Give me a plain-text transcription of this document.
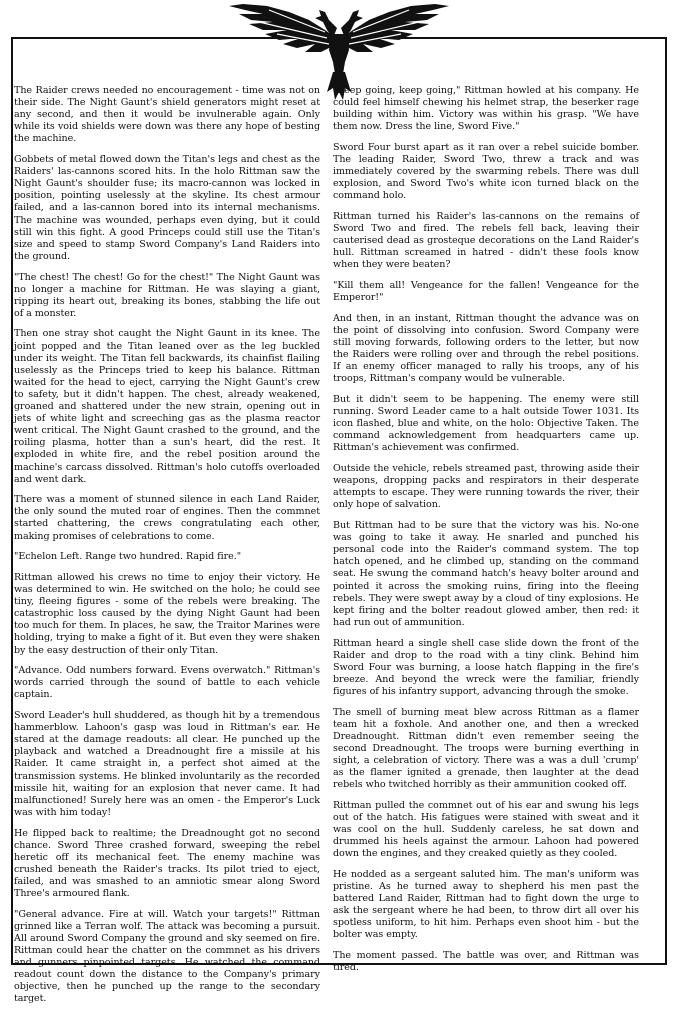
The Raider crews needed no encouragement - time was not on their side. The Night Gaunt's shield generators might reset at any second, and then it would be invulnerable again. Only while its void shields were down was there any hope of besting the machine.

Gobbets of metal flowed down the Titan's legs and chest as the Raiders' las-cannons scored hits. In the holo Rittman saw the Night Gaunt's shoulder fuse; its macro-cannon was locked in position, pointing uselessly at the skyline. Its chest armour failed, and a las-cannon bored into its internal mechanisms. The machine was wounded, perhaps even dying, but it could still win this fight. A good Princeps could still use the Titan's size and speed to stamp Sword Company's Land Raiders into the ground.

"The chest! The chest! Go for the chest!" The Night Gaunt was no longer a machine for Rittman. He was slaying a giant, ripping its heart out, breaking its bones, stabbing the life out of a monster.

Then one stray shot caught the Night Gaunt in its knee. The joint popped and the Titan leaned over as the leg buckled under its weight. The Titan fell backwards, its chainfist flailing uselessly as the Princeps tried to keep his balance. Rittman waited for the head to eject, carrying the Night Gaunt's crew to safety, but it didn't happen. The chest, already weakened, groaned and shattered under the new strain, opening out in jets of white light and screeching gas as the plasma reactor went critical. The Night Gaunt crashed to the ground, and the roiling plasma, hotter than a sun's heart, did the rest. It exploded in white fire, and the rebel position around the machine's carcass dissolved. Rittman's holo cutoffs overloaded and went dark.

There was a moment of stunned silence in each Land Raider, the only sound the muted roar of engines. Then the commnet started chattering, the crews congratulating each other, making promises of celebrations to come.

"Echelon Left. Range two hundred. Rapid fire."

Rittman allowed his crews no time to enjoy their victory. He was determined to win. He switched on the holo; he could see tiny, fleeing figures - some of the rebels were breaking. The catastrophic loss caused by the dying Night Gaunt had been too much for them. In places, he saw, the Traitor Marines were holding, trying to make a fight of it. But even they were shaken by the easy destruction of their only Titan.

"Advance. Odd numbers forward. Evens overwatch." Rittman's words carried through the sound of battle to each vehicle captain.

Sword Leader's hull shuddered, as though hit by a tremendous hammerblow. Lahoon's gasp was loud in Rittman's ear. He stared at the damage readouts: all clear. He punched up the playback and watched a Dreadnought fire a missile at his Raider. It came straight in, a perfect shot aimed at the transmission systems. He blinked involuntarily as the recorded missile hit, waiting for an explosion that never came. It had malfunctioned! Surely here was an omen - the Emperor's Luck was with him today!

He flipped back to realtime; the Dreadnought got no second chance. Sword Three crashed forward, sweeping the rebel heretic off its mechanical feet. The enemy machine was crushed beneath the Raider's tracks. Its pilot tried to eject, failed, and was smashed to an amniotic smear along Sword Three's armoured flank.

"General advance. Fire at will. Watch your targets!" Rittman grinned like a Terran wolf. The attack was becoming a pursuit. All around Sword Company the ground and sky seemed on fire. Rittman could hear the chatter on the commnet as his drivers and gunners pinpointed targets. He watched the command readout count down the distance to the Company's primary objective, then he punched up the range to the secondary target.

"Keep going, keep going," Rittman howled at his company. He could feel himself chewing his helmet strap, the beserker rage building within him. Victory was within his grasp. "We have them now. Dress the line, Sword Five."

Sword Four burst apart as it ran over a rebel suicide bomber. The leading Raider, Sword Two, threw a track and was immediately covered by the swarming rebels. There was dull explosion, and Sword Two's white icon turned black on the command holo.

Rittman turned his Raider's las-cannons on the remains of Sword Two and fired. The rebels fell back, leaving their cauterised dead as grosteque decorations on the Land Raider's hull. Rittman screamed in hatred - didn't these fools know when they were beaten?

"Kill them all! Vengeance for the fallen! Vengeance for the Emperor!"

And then, in an instant, Rittman thought the advance was on the point of dissolving into confusion. Sword Company were still moving forwards, following orders to the letter, but now the Raiders were rolling over and through the rebel positions. If an enemy officer managed to rally his troops, any of his troops, Rittman's company would be vulnerable.

But it didn't seem to be happening. The enemy were still running. Sword Leader came to a halt outside Tower 1031. Its icon flashed, blue and white, on the holo: Objective Taken. The command acknowledgement from headquarters came up. Rittman's achievement was confirmed.

Outside the vehicle, rebels streamed past, throwing aside their weapons, dropping packs and respirators in their desperate attempts to escape. They were running towards the river, their only hope of salvation.

But Rittman had to be sure that the victory was his. No-one was going to take it away. He snarled and punched his personal code into the Raider's command system. The top hatch opened, and he climbed up, standing on the command seat. He swung the command hatch's heavy bolter around and pointed it across the smoking ruins, firing into the fleeing rebels. They were swept away by a cloud of tiny explosions. He kept firing and the bolter readout glowed amber, then red: it had run out of ammunition.

Rittman heard a single shell case slide down the front of the Raider and drop to the road with a tiny clink. Behind him Sword Four was burning, a loose hatch flapping in the fire's breeze. And beyond the wreck were the familiar, friendly figures of his infantry support, advancing through the smoke.

The smell of burning meat blew across Rittman as a flamer team hit a foxhole. And another one, and then a wrecked Dreadnought. Rittman didn't even remember seeing the second Dreadnought. The troops were burning everthing in sight, a celebration of victory. There was a was a dull 'crump' as the flamer ignited a grenade, then laughter at the dead rebels who twitched horribly as their ammunition cooked off.

Rittman pulled the commnet out of his ear and swung his legs out of the hatch. His fatigues were stained with sweat and it was cool on the hull. Suddenly careless, he sat down and drummed his heels against the armour. Lahoon had powered down the engines, and they creaked quietly as they cooled.

He nodded as a sergeant saluted him. The man's uniform was pristine. As he turned away to shepherd his men past the battered Land Raider, Rittman had to fight down the urge to ask the sergeant where he had been, to throw dirt all over his spotless uniform, to hit him. Perhaps even shoot him - but the bolter was empty.

The moment passed. The battle was over, and Rittman was tired.
